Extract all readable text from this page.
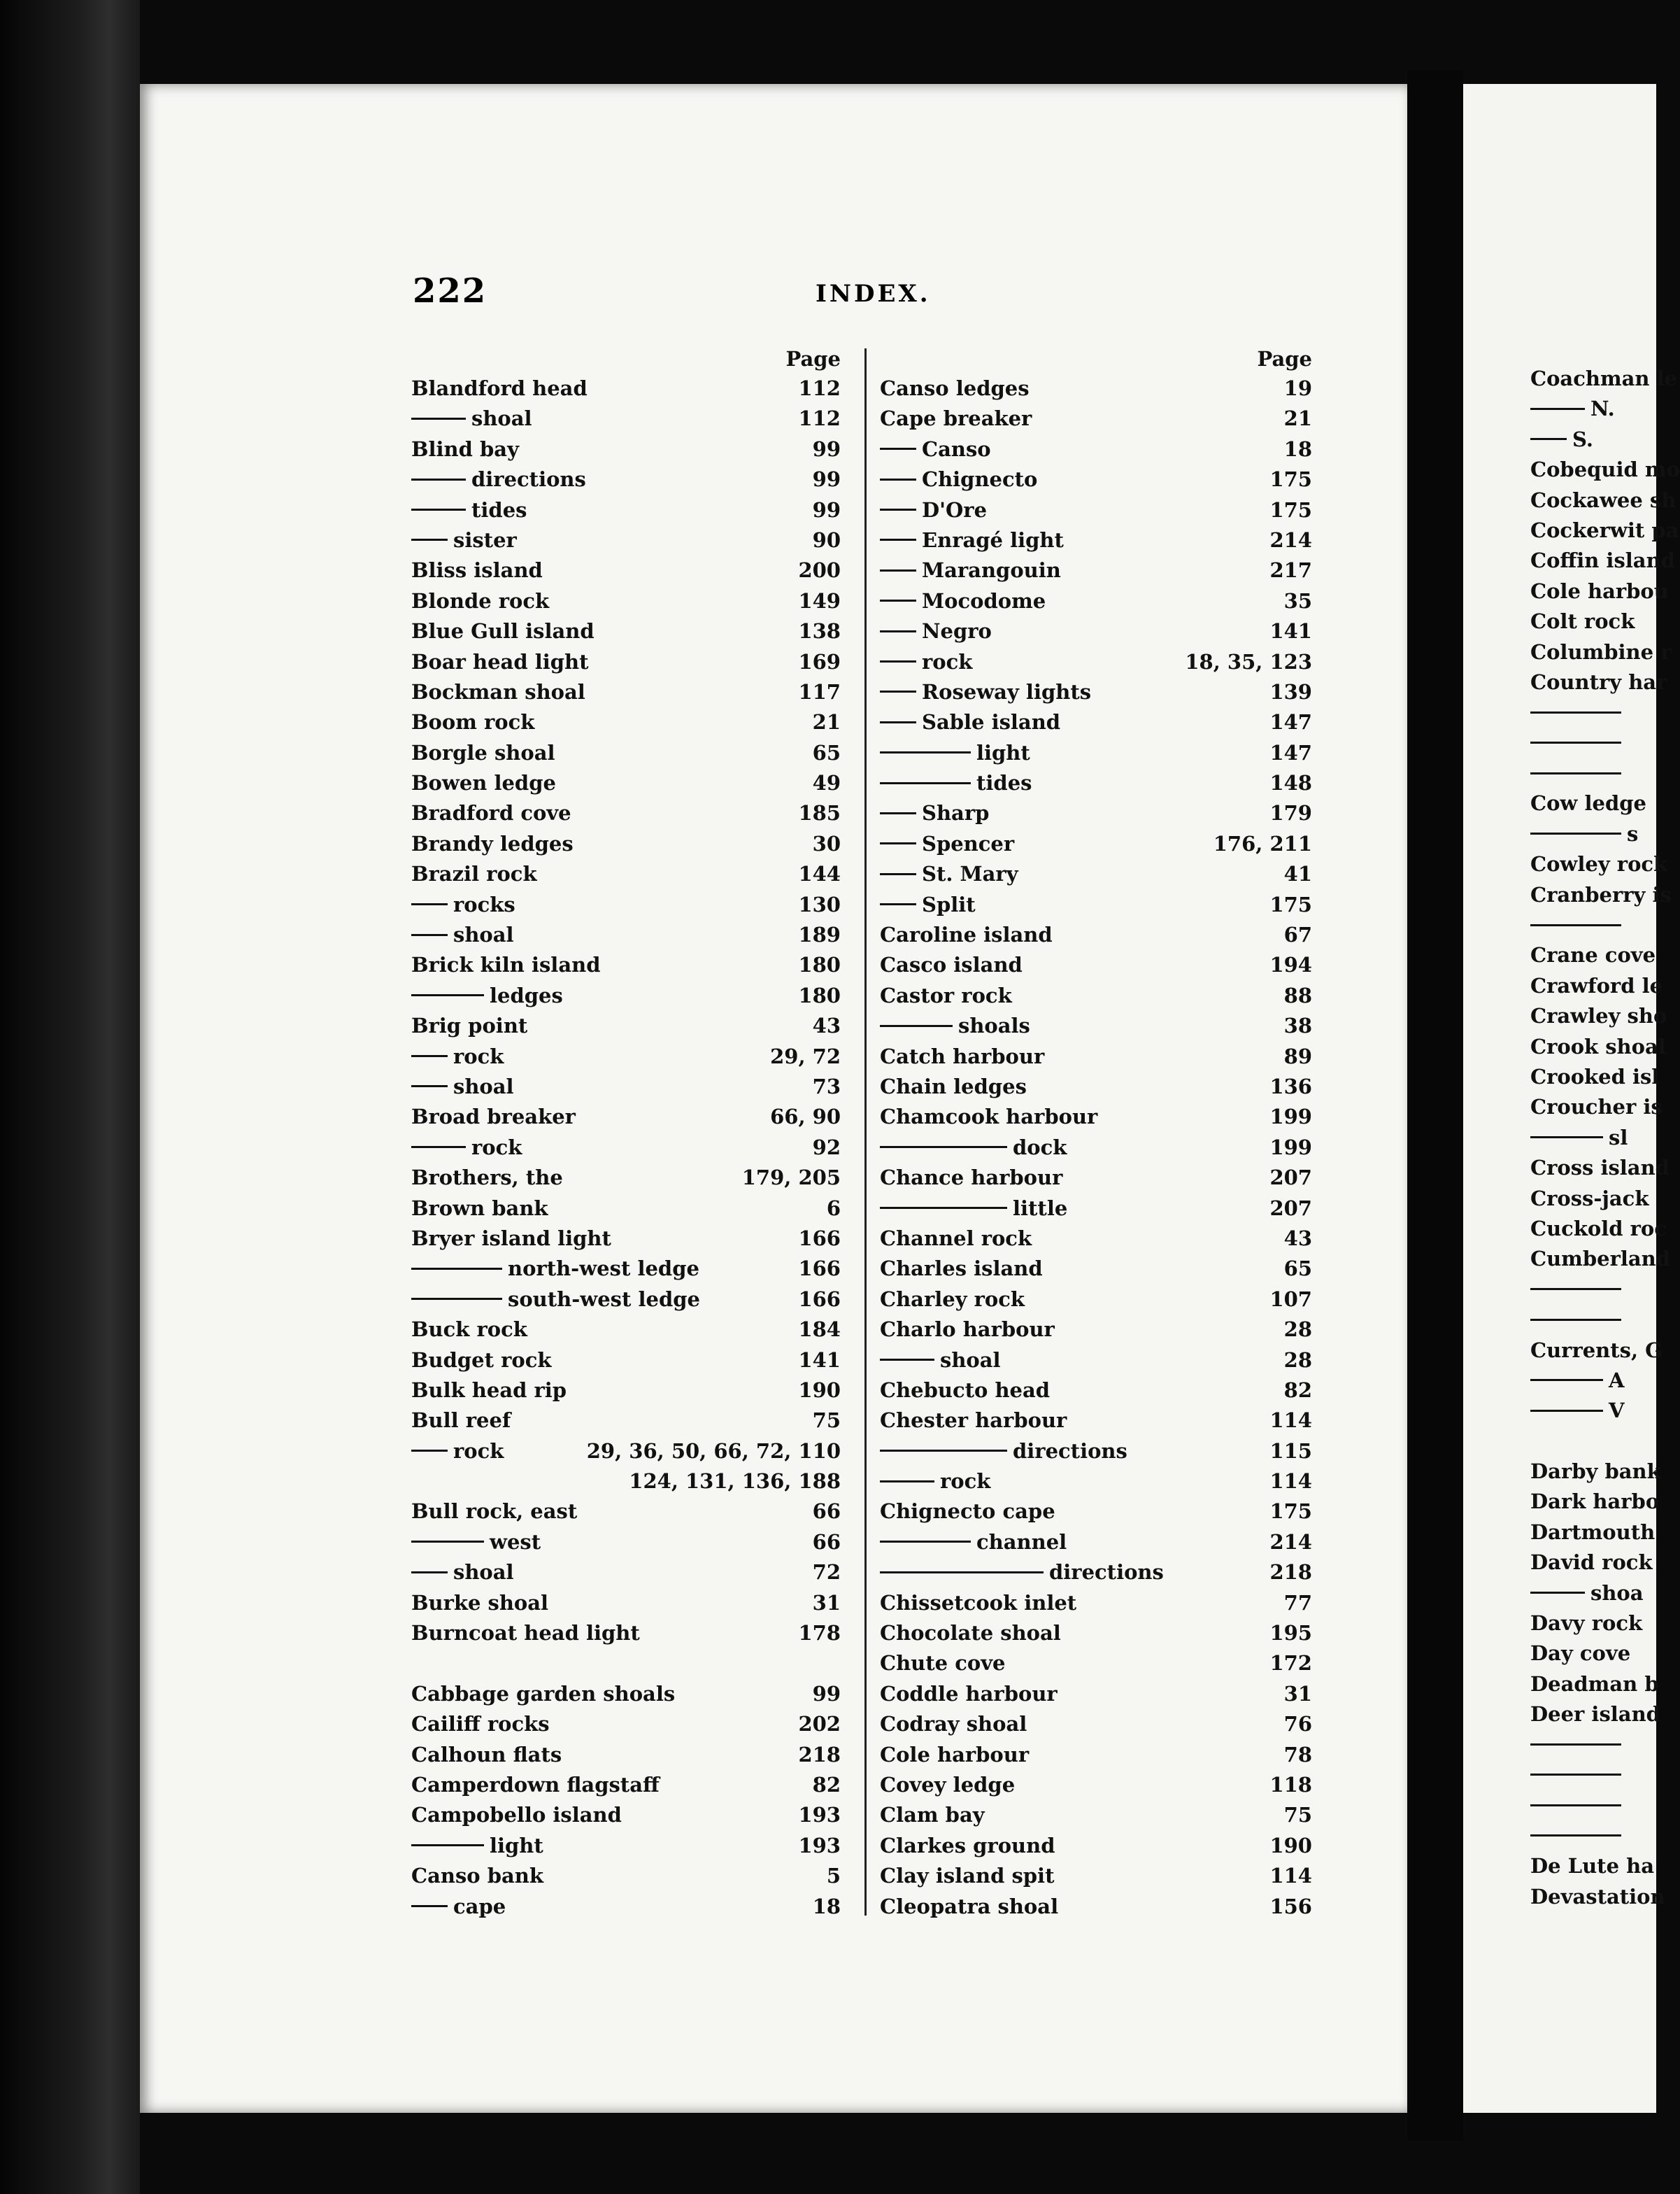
222	INDEX.
Page
Blandford head	112
shoal	112
Blind bay	99
directions	99
tides	99
sister	90
Bliss island	200
Blonde rock	149
Blue Gull island	138
Boar head light	169
Bockman shoal	117
Boom rock	21
Borgle shoal	65
Bowen ledge	49
Bradford cove	185
Brandy ledges	30
Brazil rock	144
rocks	130
shoal	189
Brick kiln island	180
ledges	180
Brig point	43
rock	29, 72
shoal	73
Broad breaker	66, 90
rock	92
Brothers, the	179, 205
Brown bank	6
Bryer island light	166
north-west ledge	166
south-west ledge	166
Buck rock	184
Budget rock	141
Bulk head rip	190
Bull reef	75
rock	29, 36, 50, 66, 72, 110
124, 131, 136, 188
Bull rock, east	66
west	66
shoal	72
Burke shoal	31
Burncoat head light	178
Cabbage garden shoals	99
Cailiff rocks	202
Calhoun flats	218
Camperdown flagstaff	82
Campobello island	193
light	193
Canso bank	5
cape	18
Page
Canso ledges	19
Cape breaker	21
Canso	18
Chignecto	175
D'Ore	175
Enragé light	214
Marangouin	217
Mocodome	35
Negro	141
rock	18, 35, 123
Roseway lights	139
Sable island	147
light	147
tides	148
Sharp	179
Spencer	176, 211
St. Mary	41
Split	175
Caroline island	67
Casco island	194
Castor rock	88
shoals	38
Catch harbour	89
Chain ledges	136
Chamcook harbour	199
dock	199
Chance harbour	207
little	207
Channel rock	43
Charles island	65
Charley rock	107
Charlo harbour	28
shoal	28
Chebucto head	82
Chester harbour	114
directions	115
rock	114
Chignecto cape	175
channel	214
directions	218
Chissetcook inlet	77
Chocolate shoal	195
Chute cove	172
Coddle harbour	31
Codray shoal	76
Cole harbour	78
Covey ledge	118
Clam bay	75
Clarkes ground	190
Clay island spit	114
Cleopatra shoal	156
Coachman le
N.
S.
Cobequid mo
Cockawee sh
Cockerwit pa
Coffin island
Cole harbou
Colt rock
Columbine r
Country har
Cow ledge
s
Cowley rock
Cranberry is
Crane cove
Crawford le
Crawley sho
Crook shoal
Crooked isl
Croucher is
sl
Cross island
Cross-jack
Cuckold roc
Cumberland
Currents, G
A
V
Darby bank
Dark harbo
Dartmouth
David rock
shoa
Davy rock
Day cove
Deadman b
Deer island
De Lute ha
Devastation
